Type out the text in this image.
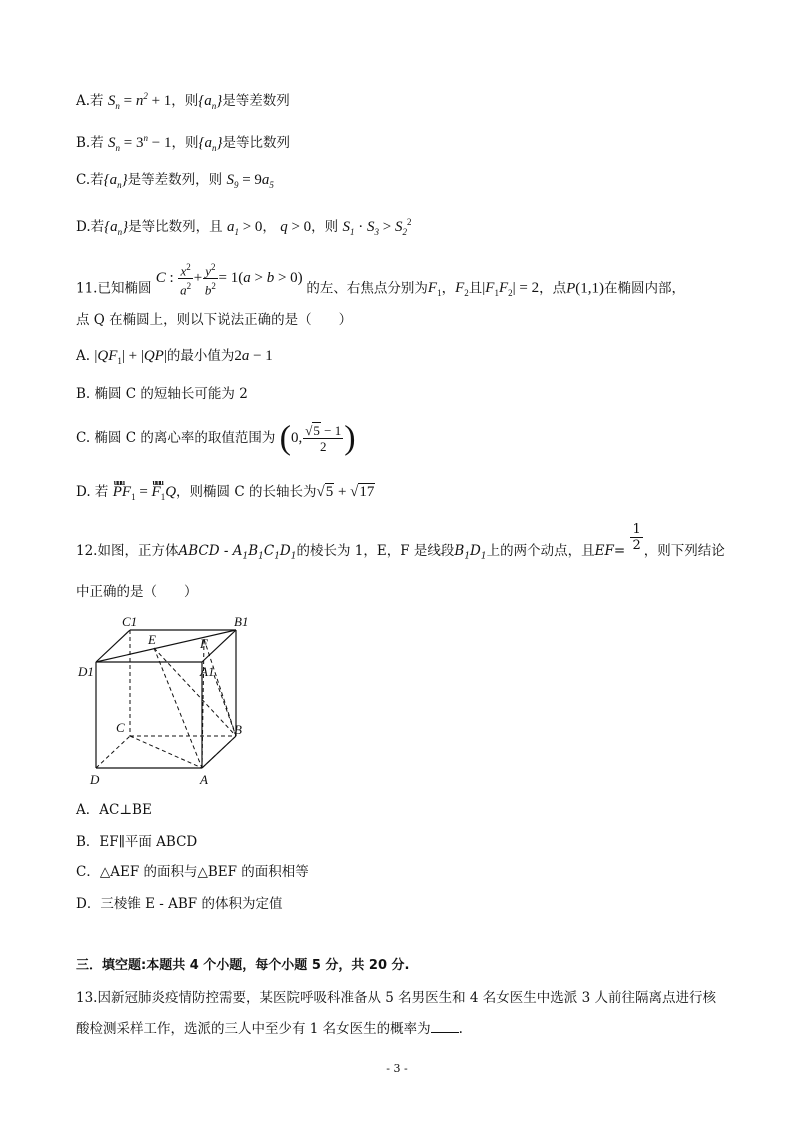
A.若 $S_n = n^2 + 1$，则$\{a_n\}$是等差数列
B.若 $S_n = 3^n - 1$，则$\{a_n\}$是等比数列
C.若$\{a_n\}$是等差数列，则 $S_9 = 9a_5$
D.若$\{a_n\}$是等比数列，且 $a_1 > 0$， q > 0，则 $S_1 \cdot S_3 > S_2^2$
11.已知椭圆 C : $\frac{x^2}{a^2} + \frac{y^2}{b^2} = 1(a > b > 0)$ 的左、右焦点分别为$F_1$，$F_2$且$|F_1F_2| = 2$，点P(1,1)在椭圆内部，
点 Q 在椭圆上，则以下说法正确的是（　　）
A. $|QF_1| + |QP|$的最小值为2a − 1
B. 椭圆 C 的短轴长可能为 2
C. 椭圆 C 的离心率的取值范围为 (0, $\frac{√5 - 1}{2}$ )
D. 若 uuu $PF_1$ = uuu $F_1Q$，则椭圆 C 的长轴长为√5 + √17
12.如图，正方体ABCD - $A_1B_1C_1D_1$的棱长为 1，E，F 是线段$B_1D_1$上的两个动点，且$EF= \frac{1}{2}$ ，则下列结论
中正确的是（　　）
C1	B1
E	F
D1	A1
C	B
D	A
A．AC⊥BE
B．EF∥平面 ABCD
C．△AEF 的面积与△BEF 的面积相等
D．三棱锥 E - ABF 的体积为定值
三．填空题:本题共 4 个小题，每个小题 5 分，共 20 分.
13.因新冠肺炎疫情防控需要，某医院呼吸科准备从 5 名男医生和 4 名女医生中选派 3 人前往隔离点进行核
酸检测采样工作，选派的三人中至少有 1 名女医生的概率为 .
- 3 -
